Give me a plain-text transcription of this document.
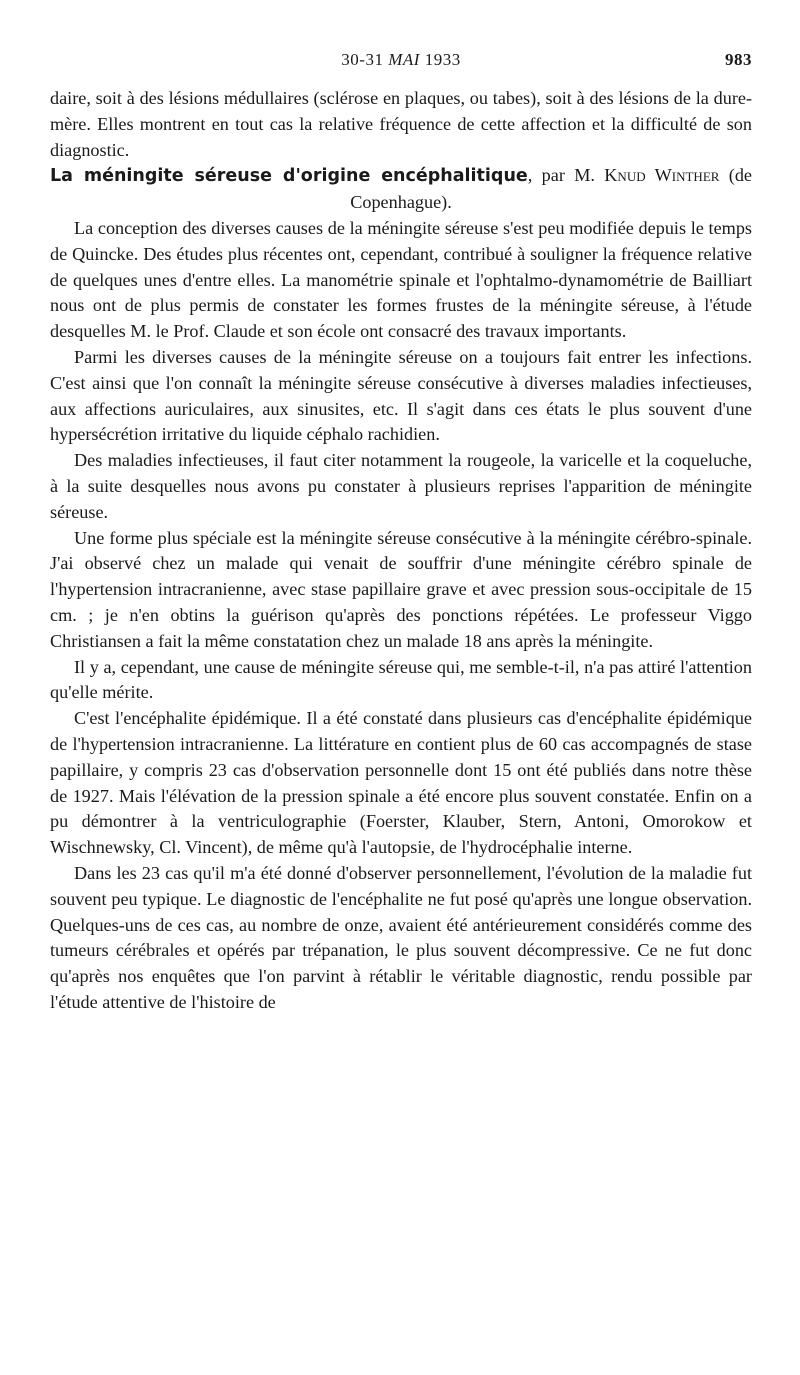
30-31 MAI 1933	983

daire, soit à des lésions médullaires (sclérose en plaques, ou tabes), soit à des lésions de la dure-mère. Elles montrent en tout cas la relative fréquence de cette affection et la difficulté de son diagnostic.

La méningite séreuse d'origine encéphalitique, par M. Knud Winther (de Copenhague).

La conception des diverses causes de la méningite séreuse s'est peu modifiée depuis le temps de Quincke. Des études plus récentes ont, cependant, contribué à souligner la fréquence relative de quelques unes d'entre elles. La manométrie spinale et l'ophtalmo-dynamométrie de Bailliart nous ont de plus permis de constater les formes frustes de la méningite séreuse, à l'étude desquelles M. le Prof. Claude et son école ont consacré des travaux importants.

Parmi les diverses causes de la méningite séreuse on a toujours fait entrer les infections. C'est ainsi que l'on connaît la méningite séreuse consécutive à diverses maladies infectieuses, aux affections auriculaires, aux sinusites, etc. Il s'agit dans ces états le plus souvent d'une hypersécrétion irritative du liquide céphalo rachidien.

Des maladies infectieuses, il faut citer notamment la rougeole, la varicelle et la coqueluche, à la suite desquelles nous avons pu constater à plusieurs reprises l'apparition de méningite séreuse.

Une forme plus spéciale est la méningite séreuse consécutive à la méningite cérébro-spinale. J'ai observé chez un malade qui venait de souffrir d'une méningite cérébro spinale de l'hypertension intracranienne, avec stase papillaire grave et avec pression sous-occipitale de 15 cm. ; je n'en obtins la guérison qu'après des ponctions répétées. Le professeur Viggo Christiansen a fait la même constatation chez un malade 18 ans après la méningite.

Il y a, cependant, une cause de méningite séreuse qui, me semble-t-il, n'a pas attiré l'attention qu'elle mérite.

C'est l'encéphalite épidémique. Il a été constaté dans plusieurs cas d'encéphalite épidémique de l'hypertension intracranienne. La littérature en contient plus de 60 cas accompagnés de stase papillaire, y compris 23 cas d'observation personnelle dont 15 ont été publiés dans notre thèse de 1927. Mais l'élévation de la pression spinale a été encore plus souvent constatée. Enfin on a pu démontrer à la ventriculographie (Foerster, Klauber, Stern, Antoni, Omorokow et Wischnewsky, Cl. Vincent), de même qu'à l'autopsie, de l'hydrocéphalie interne.

Dans les 23 cas qu'il m'a été donné d'observer personnellement, l'évolution de la maladie fut souvent peu typique. Le diagnostic de l'encéphalite ne fut posé qu'après une longue observation. Quelques-uns de ces cas, au nombre de onze, avaient été antérieurement considérés comme des tumeurs cérébrales et opérés par trépanation, le plus souvent décompressive. Ce ne fut donc qu'après nos enquêtes que l'on parvint à rétablir le véritable diagnostic, rendu possible par l'étude attentive de l'histoire de
